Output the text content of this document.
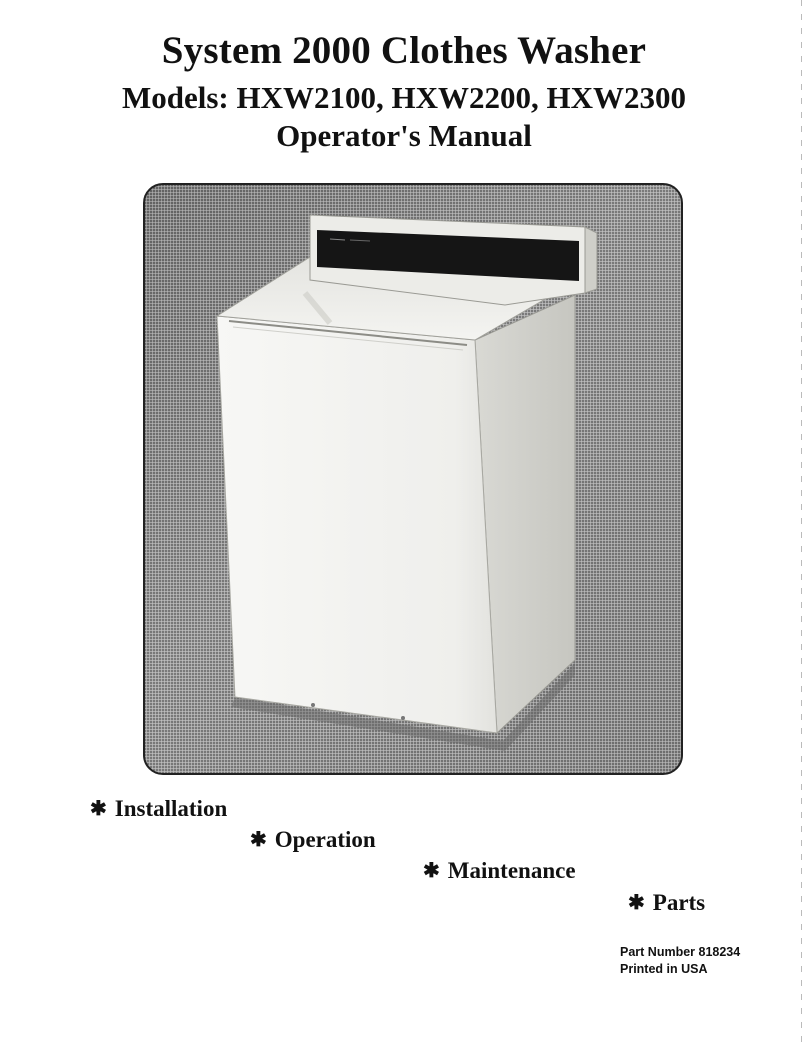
System 2000 Clothes Washer
Models: HXW2100, HXW2200, HXW2300
Operator's Manual

✱ Installation

✱ Operation

✱ Maintenance

✱ Parts

Part Number 818234

Printed in USA
